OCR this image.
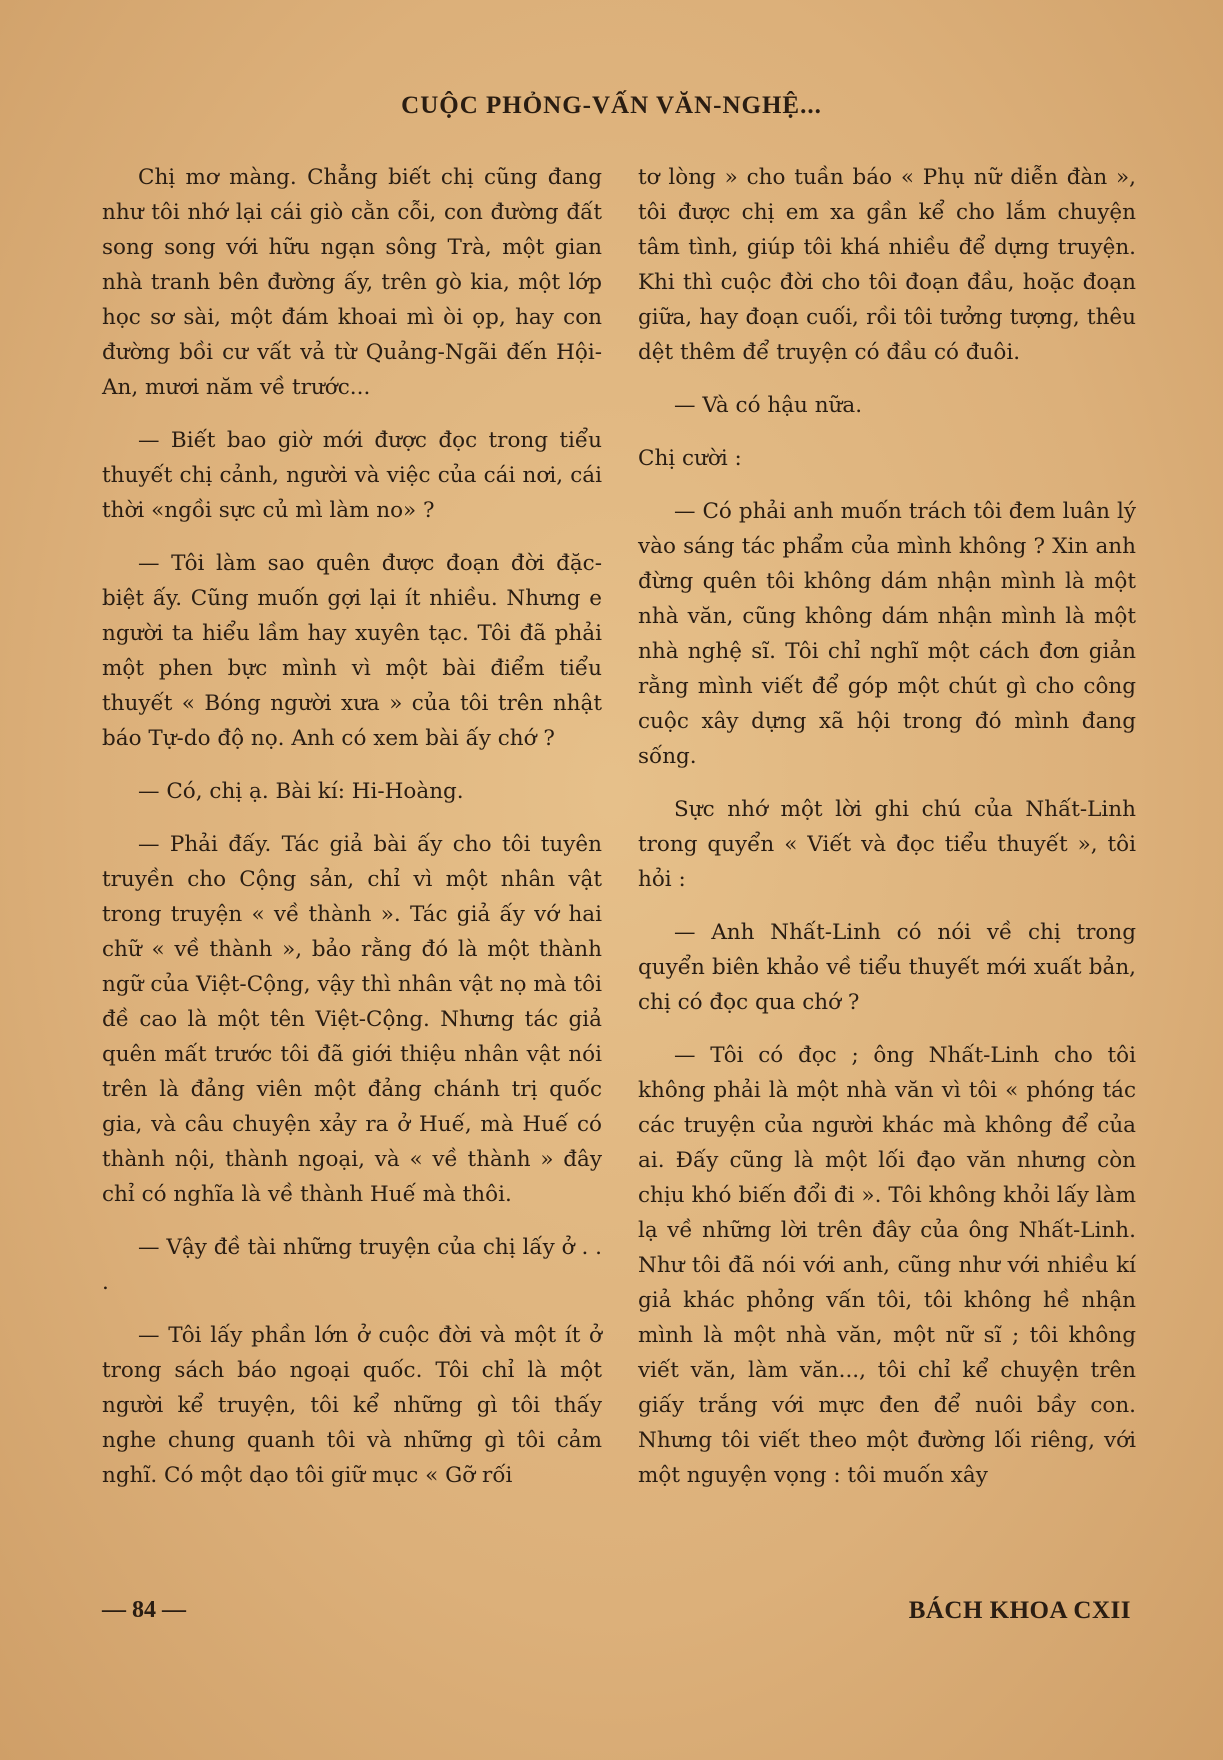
CUỘC PHỎNG-VẤN VĂN-NGHỆ...

Chị mơ màng. Chẳng biết chị cũng đang như tôi nhớ lại cái giò cằn cỗi, con đường đất song song với hữu ngạn sông Trà, một gian nhà tranh bên đường ấy, trên gò kia, một lớp học sơ sài, một đám khoai mì òi ọp, hay con đường bồi cư vất vả từ Quảng-Ngãi đến Hội-An, mươi năm về trước...

— Biết bao giờ mới được đọc trong tiểu thuyết chị cảnh, người và việc của cái nơi, cái thời «ngồi sực củ mì làm no» ?

— Tôi làm sao quên được đoạn đời đặc-biệt ấy. Cũng muốn gợi lại ít nhiều. Nhưng e người ta hiểu lầm hay xuyên tạc. Tôi đã phải một phen bực mình vì một bài điểm tiểu thuyết « Bóng người xưa » của tôi trên nhật báo Tự-do độ nọ. Anh có xem bài ấy chớ ?

— Có, chị ạ. Bài kí: Hi-Hoàng.

— Phải đấy. Tác giả bài ấy cho tôi tuyên truyền cho Cộng sản, chỉ vì một nhân vật trong truyện « về thành ». Tác giả ấy vớ hai chữ « về thành », bảo rằng đó là một thành ngữ của Việt-Cộng, vậy thì nhân vật nọ mà tôi đề cao là một tên Việt-Cộng. Nhưng tác giả quên mất trước tôi đã giới thiệu nhân vật nói trên là đảng viên một đảng chánh trị quốc gia, và câu chuyện xảy ra ở Huế, mà Huế có thành nội, thành ngoại, và « về thành » đây chỉ có nghĩa là về thành Huế mà thôi.

— Vậy đề tài những truyện của chị lấy ở . . .

— Tôi lấy phần lớn ở cuộc đời và một ít ở trong sách báo ngoại quốc. Tôi chỉ là một người kể truyện, tôi kể những gì tôi thấy nghe chung quanh tôi và những gì tôi cảm nghĩ. Có một dạo tôi giữ mục « Gỡ rối

tơ lòng » cho tuần báo « Phụ nữ diễn đàn », tôi được chị em xa gần kể cho lắm chuyện tâm tình, giúp tôi khá nhiều để dựng truyện. Khi thì cuộc đời cho tôi đoạn đầu, hoặc đoạn giữa, hay đoạn cuối, rồi tôi tưởng tượng, thêu dệt thêm để truyện có đầu có đuôi.

— Và có hậu nữa.

Chị cười :

— Có phải anh muốn trách tôi đem luân lý vào sáng tác phẩm của mình không ? Xin anh đừng quên tôi không dám nhận mình là một nhà văn, cũng không dám nhận mình là một nhà nghệ sĩ. Tôi chỉ nghĩ một cách đơn giản rằng mình viết để góp một chút gì cho công cuộc xây dựng xã hội trong đó mình đang sống.

Sực nhớ một lời ghi chú của Nhất-Linh trong quyển « Viết và đọc tiểu thuyết », tôi hỏi :

— Anh Nhất-Linh có nói về chị trong quyển biên khảo về tiểu thuyết mới xuất bản, chị có đọc qua chớ ?

— Tôi có đọc ; ông Nhất-Linh cho tôi không phải là một nhà văn vì tôi « phóng tác các truyện của người khác mà không để của ai. Đấy cũng là một lối đạo văn nhưng còn chịu khó biến đổi đi ». Tôi không khỏi lấy làm lạ về những lời trên đây của ông Nhất-Linh. Như tôi đã nói với anh, cũng như với nhiều kí giả khác phỏng vấn tôi, tôi không hề nhận mình là một nhà văn, một nữ sĩ ; tôi không viết văn, làm văn..., tôi chỉ kể chuyện trên giấy trắng với mực đen để nuôi bầy con. Nhưng tôi viết theo một đường lối riêng, với một nguyện vọng : tôi muốn xây

— 84 —	BÁCH KHOA CXII
